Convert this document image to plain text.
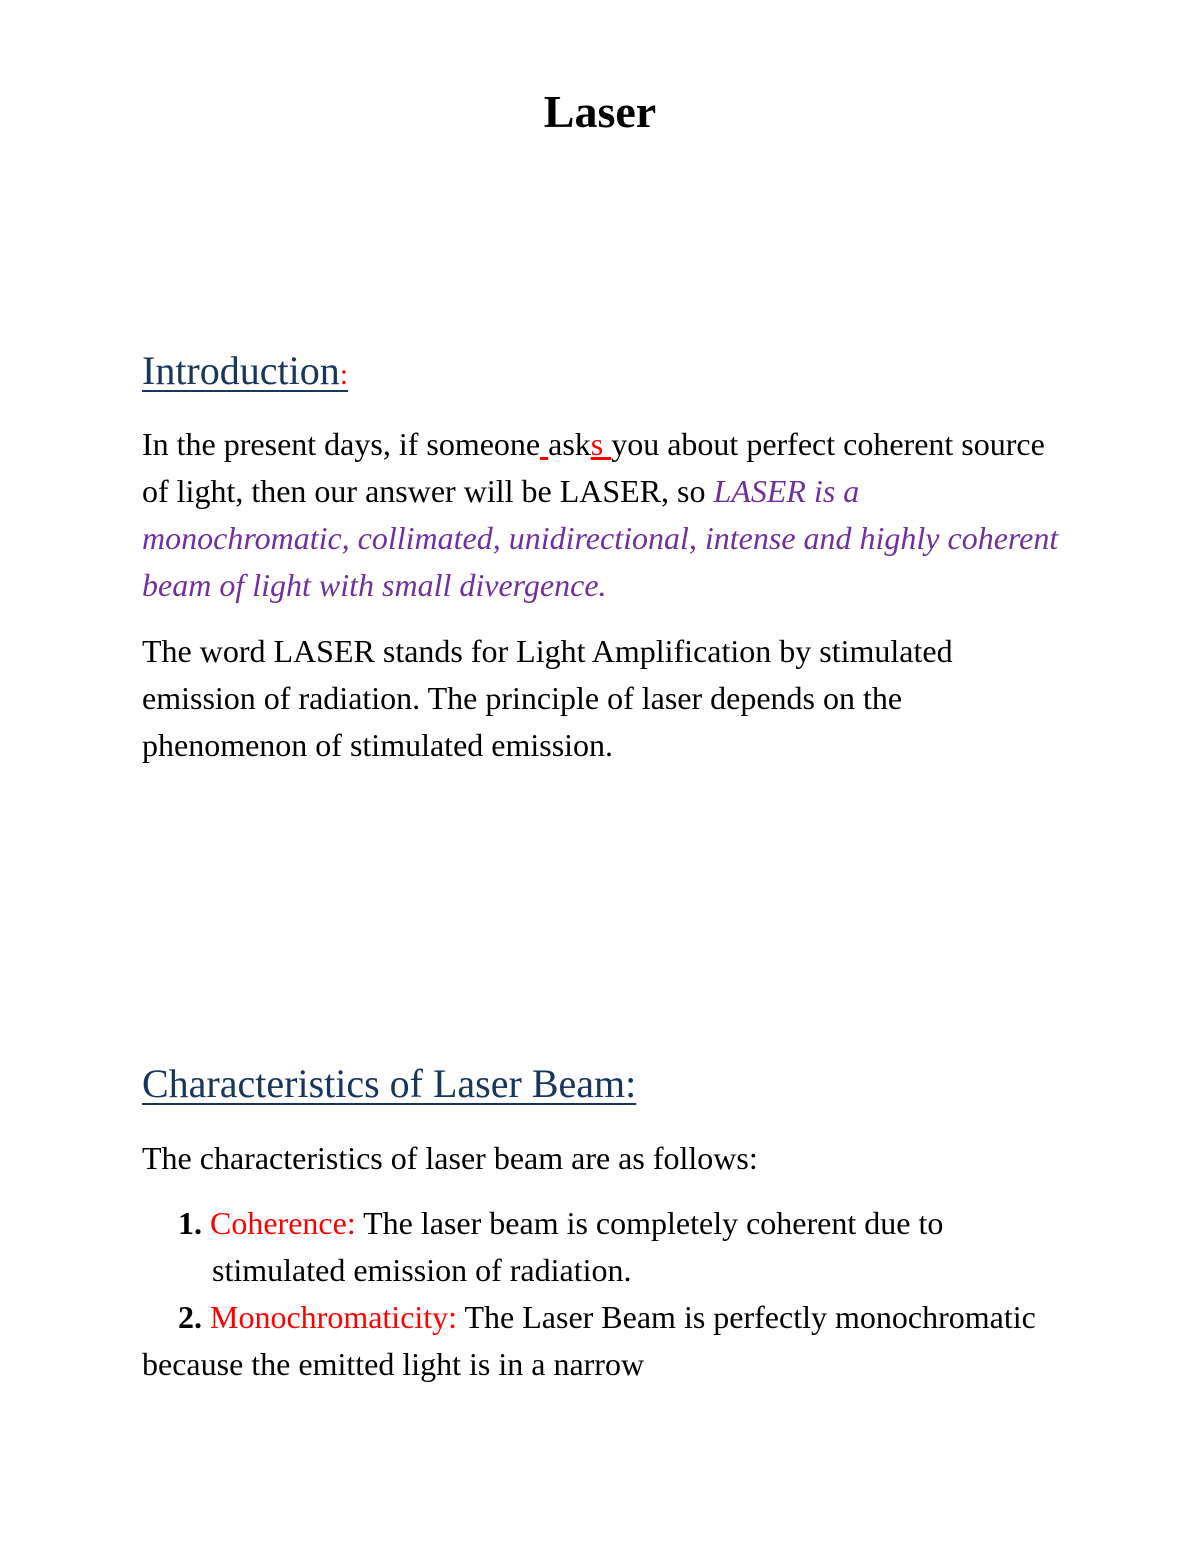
Laser
Introduction:

In the present days, if someone asks you about perfect coherent source of light, then our answer will be LASER, so LASER is a monochromatic, collimated, unidirectional, intense and highly coherent beam of light with small divergence.

The word LASER stands for Light Amplification by stimulated emission of radiation. The principle of laser depends on the phenomenon of stimulated emission.

Characteristics of Laser Beam:

The characteristics of laser beam are as follows:

1. Coherence: The laser beam is completely coherent due to
stimulated emission of radiation.

2. Monochromaticity: The Laser Beam is perfectly monochromatic because the emitted light is in a narrow
